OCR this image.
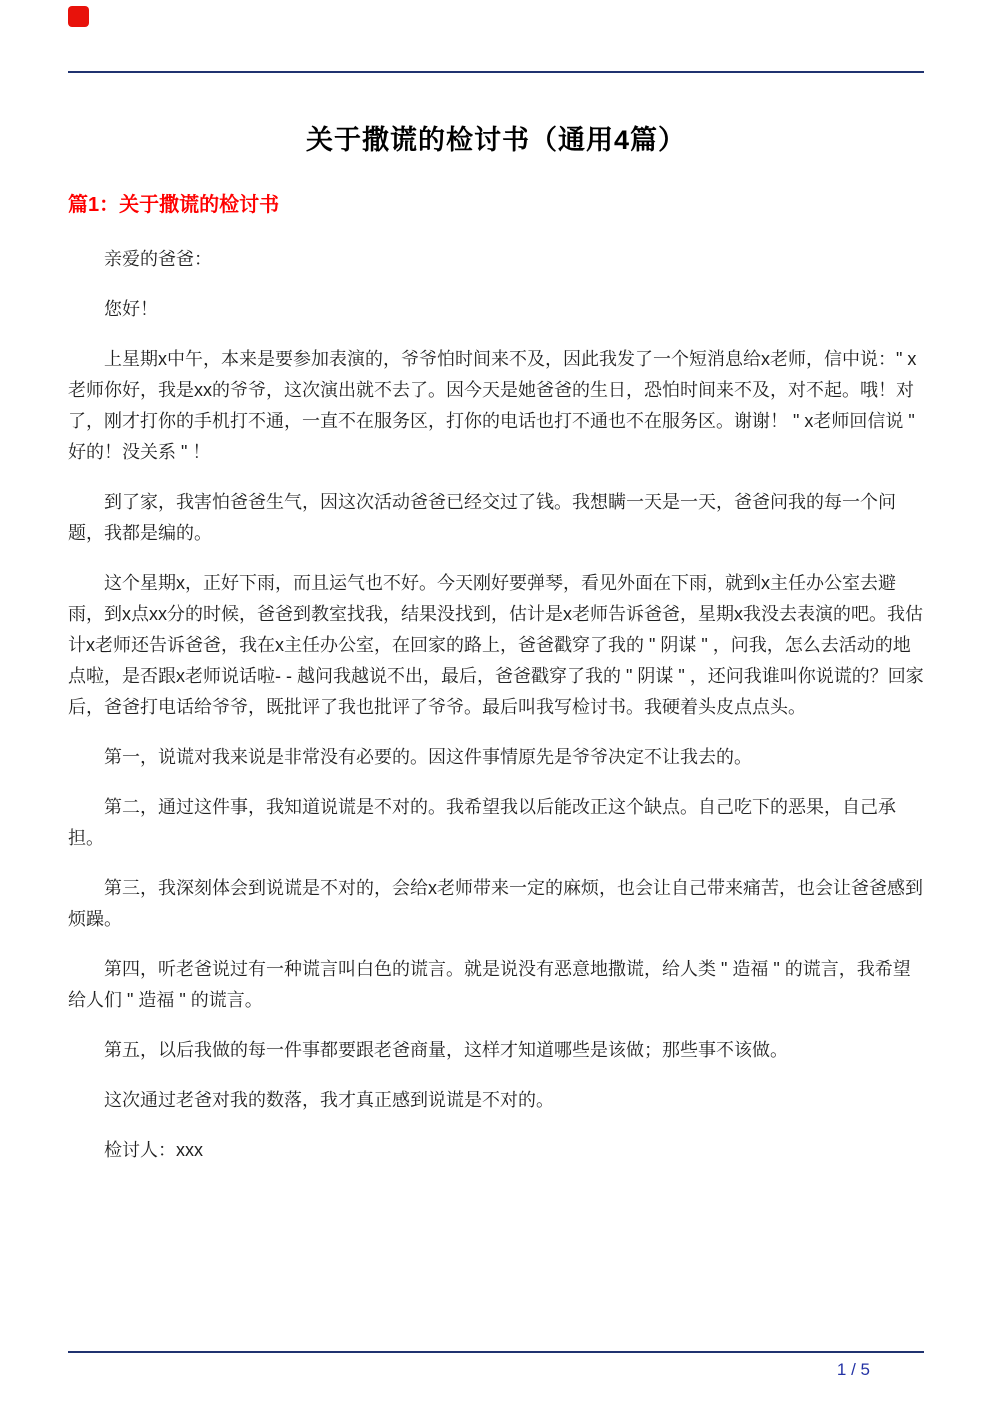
关于撒谎的检讨书（通用4篇）
篇1：关于撒谎的检讨书

亲爱的爸爸：

您好！

上星期x中午，本来是要参加表演的，爷爷怕时间来不及，因此我发了一个短消息给x老师，信中说：" x老师你好，我是xx的爷爷，这次演出就不去了。因今天是她爸爸的生日，恐怕时间来不及，对不起。哦！对了，刚才打你的手机打不通，一直不在服务区，打你的电话也打不通也不在服务区。谢谢！ " x老师回信说 " 好的！没关系 " ！

到了家，我害怕爸爸生气，因这次活动爸爸已经交过了钱。我想瞒一天是一天，爸爸问我的每一个问题，我都是编的。

这个星期x，正好下雨，而且运气也不好。今天刚好要弹琴，看见外面在下雨，就到x主任办公室去避雨，到x点xx分的时候，爸爸到教室找我，结果没找到，估计是x老师告诉爸爸，星期x我没去表演的吧。我估计x老师还告诉爸爸，我在x主任办公室，在回家的路上，爸爸戳穿了我的 " 阴谋 " ，问我，怎么去活动的地点啦，是否跟x老师说话啦- - 越问我越说不出，最后，爸爸戳穿了我的 " 阴谋 " ，还问我谁叫你说谎的？回家后，爸爸打电话给爷爷，既批评了我也批评了爷爷。最后叫我写检讨书。我硬着头皮点点头。

第一，说谎对我来说是非常没有必要的。因这件事情原先是爷爷决定不让我去的。

第二，通过这件事，我知道说谎是不对的。我希望我以后能改正这个缺点。自己吃下的恶果，自己承担。

第三，我深刻体会到说谎是不对的，会给x老师带来一定的麻烦，也会让自己带来痛苦，也会让爸爸感到烦躁。

第四，听老爸说过有一种谎言叫白色的谎言。就是说没有恶意地撒谎，给人类 " 造福 " 的谎言，我希望给人们 " 造福 " 的谎言。

第五，以后我做的每一件事都要跟老爸商量，这样才知道哪些是该做；那些事不该做。

这次通过老爸对我的数落，我才真正感到说谎是不对的。

检讨人：xxx

1 / 5
